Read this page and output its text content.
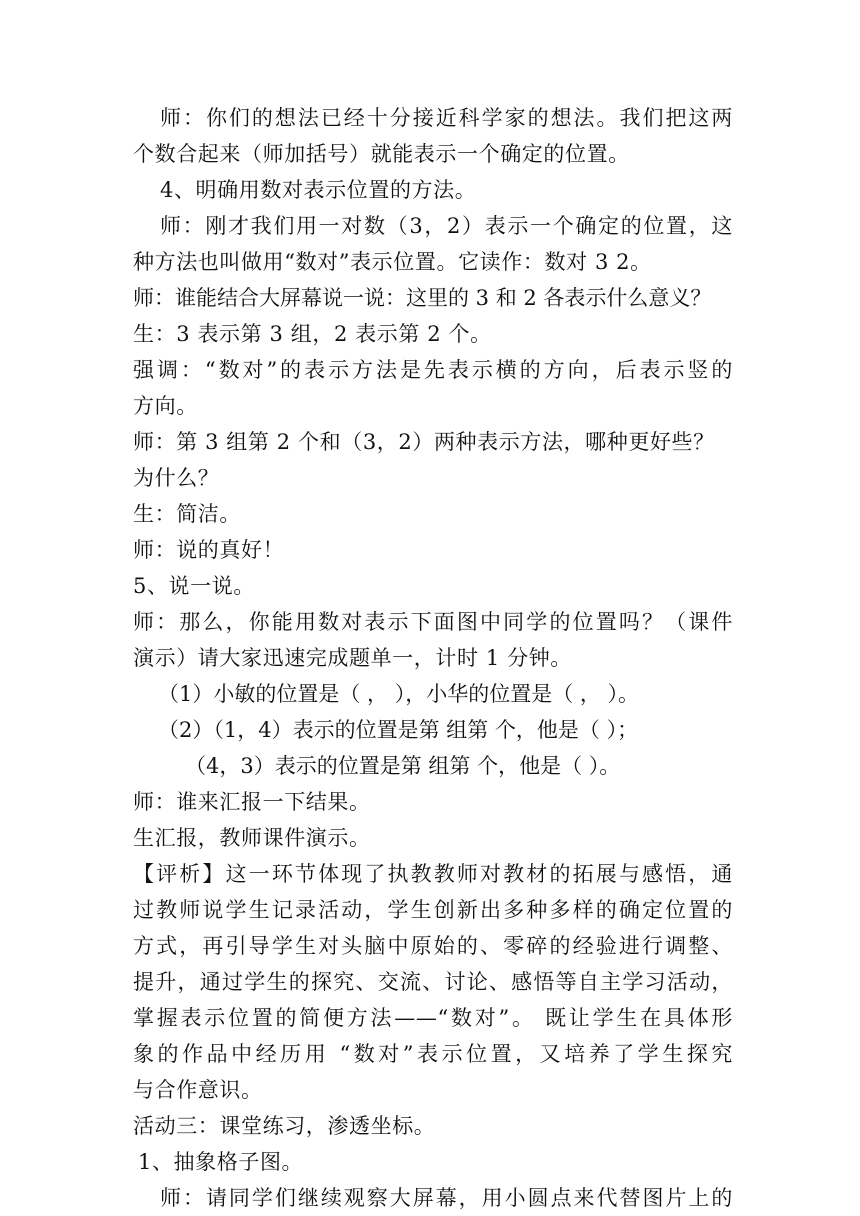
师：你们的想法已经十分接近科学家的想法。我们把这两
个数合起来（师加括号）就能表示一个确定的位置。
4、明确用数对表示位置的方法。
师：刚才我们用一对数（3，2）表示一个确定的位置，这
种方法也叫做用“数对”表示位置。它读作：数对 3 2。
师：谁能结合大屏幕说一说：这里的 3 和 2 各表示什么意义？
生：3 表示第 3 组，2 表示第 2 个。
强调：“数对”的表示方法是先表示横的方向，后表示竖的
方向。
师：第 3 组第 2 个和（3，2）两种表示方法，哪种更好些？
为什么？
生：简洁。
师：说的真好！
5、说一说。
师：那么，你能用数对表示下面图中同学的位置吗？（课件
演示）请大家迅速完成题单一，计时 1 分钟。
（1）小敏的位置是（ ， ），小华的位置是（ ， ）。
（2）（1，4）表示的位置是第 组第 个，他是（ ）；
（4，3）表示的位置是第 组第 个，他是（ ）。
师：谁来汇报一下结果。
生汇报，教师课件演示。
【评析】这一环节体现了执教教师对教材的拓展与感悟，通
过教师说学生记录活动，学生创新出多种多样的确定位置的
方式，再引导学生对头脑中原始的、零碎的经验进行调整、
提升，通过学生的探究、交流、讨论、感悟等自主学习活动，
掌握表示位置的简便方法——“数对”。 既让学生在具体形
象的作品中经历用 “数对”表示位置，又培养了学生探究
与合作意识。
活动三：课堂练习，渗透坐标。
1、抽象格子图。
师：请同学们继续观察大屏幕，用小圆点来代替图片上的
